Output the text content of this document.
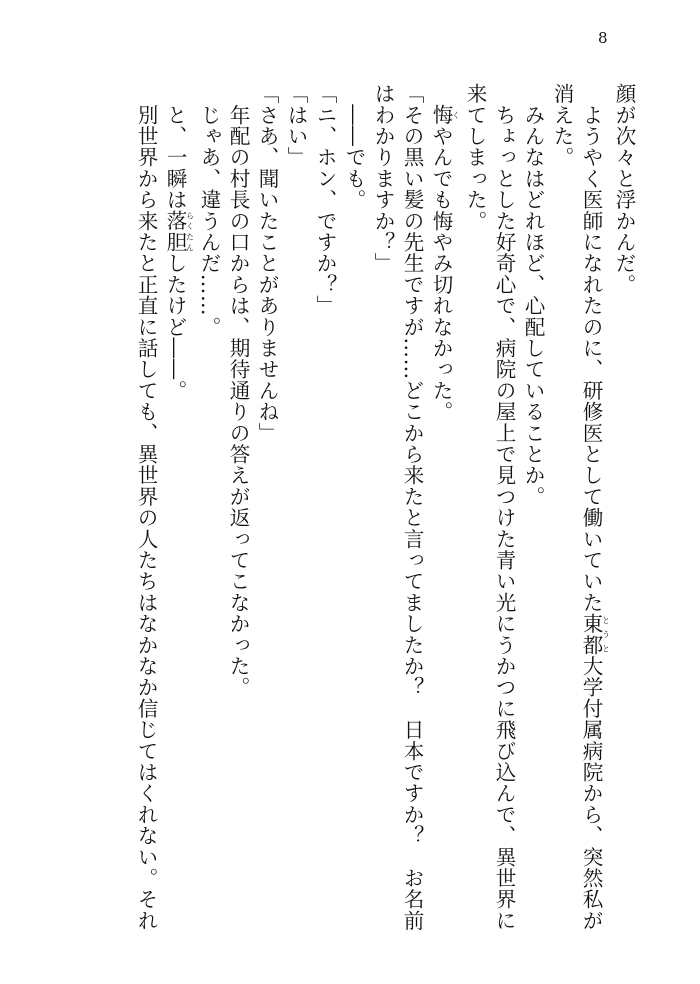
8
顔が次々と浮かんだ。
　ようやく医師になれたのに、研修医として働いていた東都とうと大学付属病院から、突然私が
消えた。
　みんなはどれほど、心配していることか。
　ちょっとした好奇心で、病院の屋上で見つけた青い光にうかつに飛び込んで、異世界に
来てしまった。
　悔くやんでも悔やみ切れなかった。
「その黒い髪の先生ですが……どこから来たと言ってましたか？　日本ですか？　お名前
はわかりますか？」
　――でも。
「ニ、ホン、ですか？」
「はい」
「さあ、聞いたことがありませんね」
　年配の村長の口からは、期待通りの答えが返ってこなかった。
　じゃあ、違うんだ……。
　と、一瞬は落胆らくたんしたけど――。
　別世界から来たと正直に話しても、異世界の人たちはなかなか信じてはくれない。それ
